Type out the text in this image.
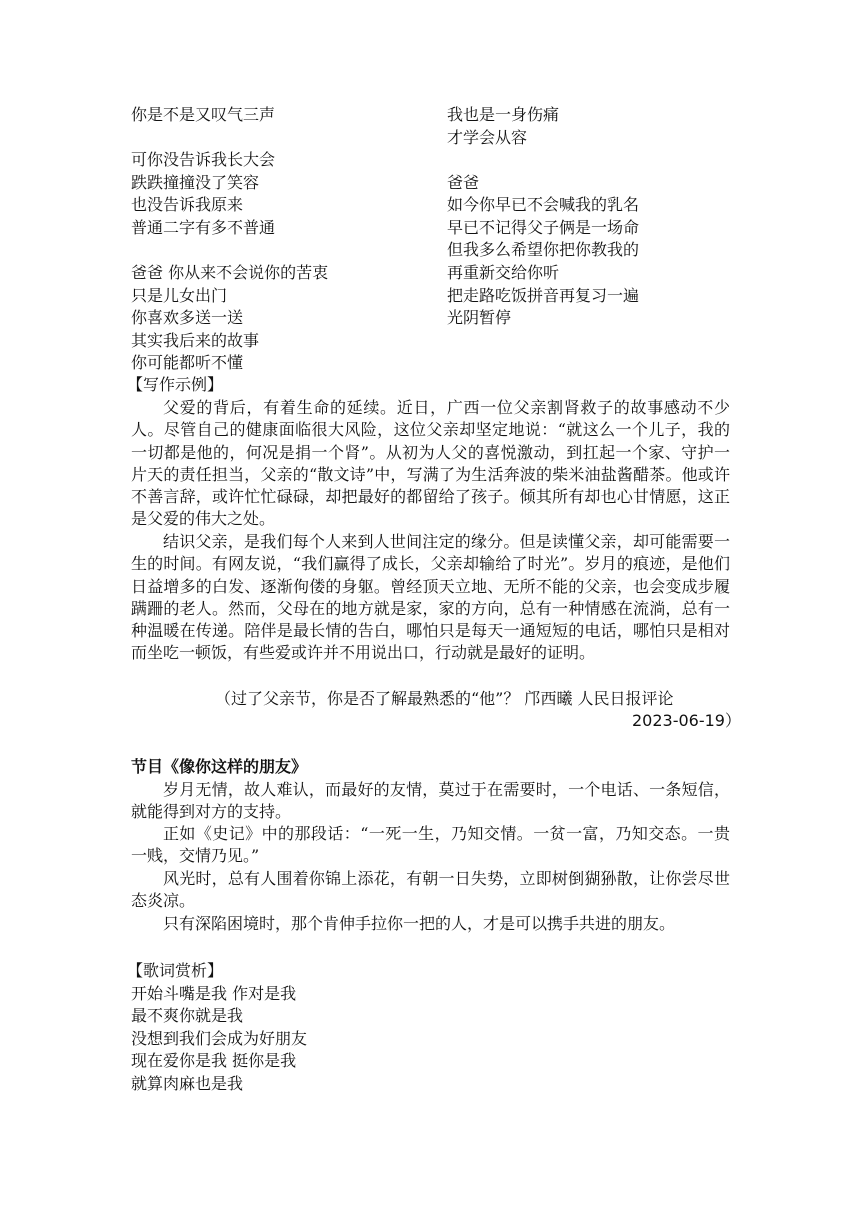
你是不是又叹气三声
可你没告诉我长大会
跌跌撞撞没了笑容
也没告诉我原来
普通二字有多不普通
爸爸 你从来不会说你的苦衷
只是儿女出门
你喜欢多送一送
其实我后来的故事
你可能都听不懂
我也是一身伤痛
才学会从容
爸爸
如今你早已不会喊我的乳名
早已不记得父子俩是一场命
但我多么希望你把你教我的
再重新交给你听
把走路吃饭拼音再复习一遍
光阴暂停
【写作示例】

父爱的背后，有着生命的延续。近日，广西一位父亲割肾救子的故事感动不少人。尽管自己的健康面临很大风险，这位父亲却坚定地说：“就这么一个儿子，我的一切都是他的，何况是捐一个肾”。从初为人父的喜悦激动，到扛起一个家、守护一片天的责任担当，父亲的“散文诗”中，写满了为生活奔波的柴米油盐酱醋茶。他或许不善言辞，或许忙忙碌碌，却把最好的都留给了孩子。倾其所有却也心甘情愿，这正是父爱的伟大之处。

结识父亲，是我们每个人来到人世间注定的缘分。但是读懂父亲，却可能需要一生的时间。有网友说，“我们赢得了成长，父亲却输给了时光”。岁月的痕迹，是他们日益增多的白发、逐渐佝偻的身躯。曾经顶天立地、无所不能的父亲，也会变成步履蹒跚的老人。然而，父母在的地方就是家，家的方向，总有一种情感在流淌，总有一种温暖在传递。陪伴是最长情的告白，哪怕只是每天一通短短的电话，哪怕只是相对而坐吃一顿饭，有些爱或许并不用说出口，行动就是最好的证明。

（过了父亲节，你是否了解最熟悉的“他”？ 邝西曦 人民日报评论
2023-06-19）
节目《像你这样的朋友》

岁月无情，故人难认，而最好的友情，莫过于在需要时，一个电话、一条短信，就能得到对方的支持。

正如《史记》中的那段话：“一死一生，乃知交情。一贫一富，乃知交态。一贵一贱，交情乃见。”

风光时，总有人围着你锦上添花，有朝一日失势，立即树倒猢狲散，让你尝尽世态炎凉。

只有深陷困境时，那个肯伸手拉你一把的人，才是可以携手共进的朋友。

【歌词赏析】
开始斗嘴是我 作对是我
最不爽你就是我
没想到我们会成为好朋友
现在爱你是我 挺你是我
就算肉麻也是我
